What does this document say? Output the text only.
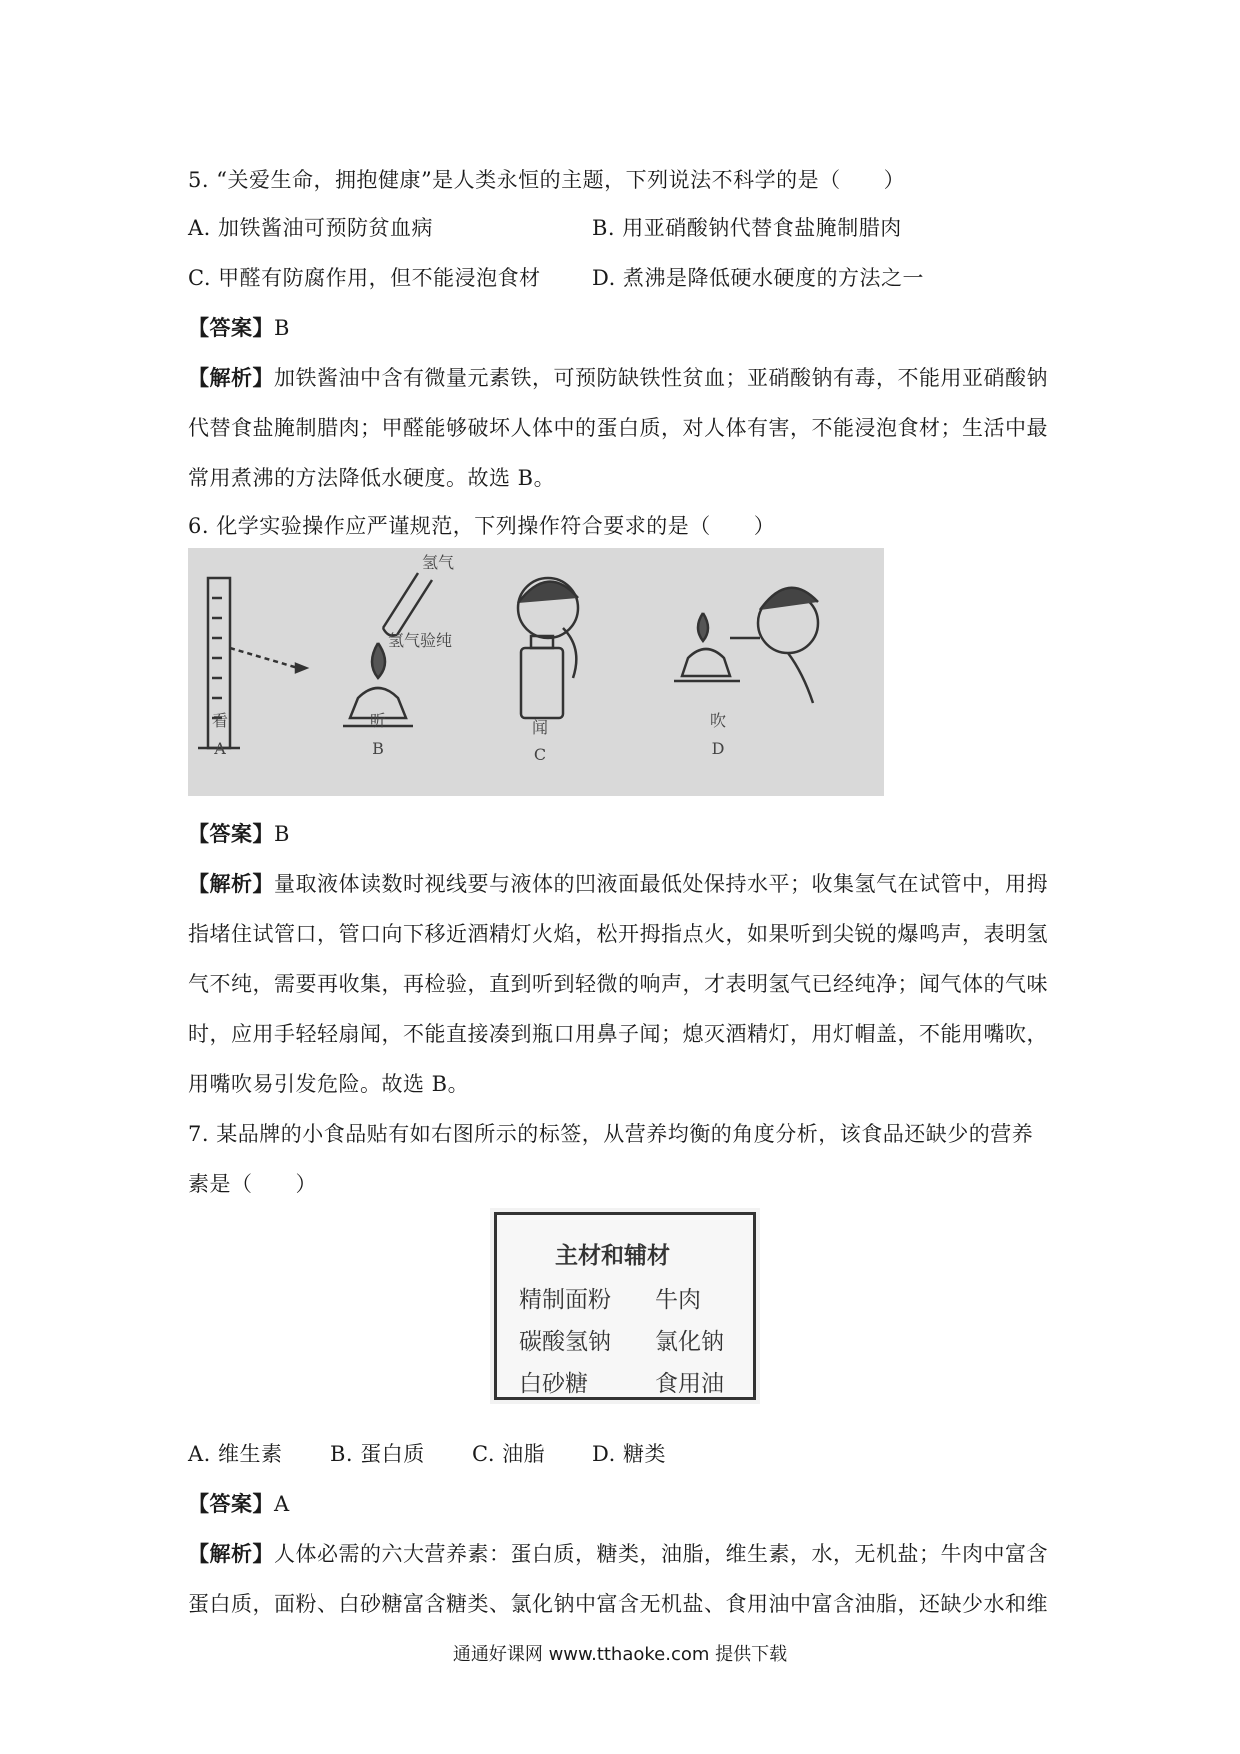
5. “关爱生命，拥抱健康”是人类永恒的主题，下列说法不科学的是（　　）
A. 加铁酱油可预防贫血病	B. 用亚硝酸钠代替食盐腌制腊肉
C. 甲醛有防腐作用，但不能浸泡食材 D. 煮沸是降低硬水硬度的方法之一
【答案】B
【解析】加铁酱油中含有微量元素铁，可预防缺铁性贫血；亚硝酸钠有毒，不能用亚硝酸钠
代替食盐腌制腊肉；甲醛能够破坏人体中的蛋白质，对人体有害，不能浸泡食材；生活中最
常用煮沸的方法降低水硬度。故选 B。
6. 化学实验操作应严谨规范，下列操作符合要求的是（　　）
氢气
氢气验纯
看	听	闻	吹
A	B	C	D
【答案】B
【解析】量取液体读数时视线要与液体的凹液面最低处保持水平；收集氢气在试管中，用拇
指堵住试管口，管口向下移近酒精灯火焰，松开拇指点火，如果听到尖锐的爆鸣声，表明氢
气不纯，需要再收集，再检验，直到听到轻微的响声，才表明氢气已经纯净；闻气体的气味
时，应用手轻轻扇闻，不能直接凑到瓶口用鼻子闻；熄灭酒精灯，用灯帽盖，不能用嘴吹，
用嘴吹易引发危险。故选 B。
7. 某品牌的小食品贴有如右图所示的标签，从营养均衡的角度分析，该食品还缺少的营养
素是（　　）
主材和辅材
精制面粉 牛肉
碳酸氢钠 氯化钠
白砂糖	食用油
A. 维生素 B. 蛋白质 C. 油脂 D. 糖类
【答案】A
【解析】人体必需的六大营养素：蛋白质，糖类，油脂，维生素，水，无机盐；牛肉中富含
蛋白质，面粉、白砂糖富含糖类、氯化钠中富含无机盐、食用油中富含油脂，还缺少水和维
通通好课网 www.tthaoke.com 提供下载
